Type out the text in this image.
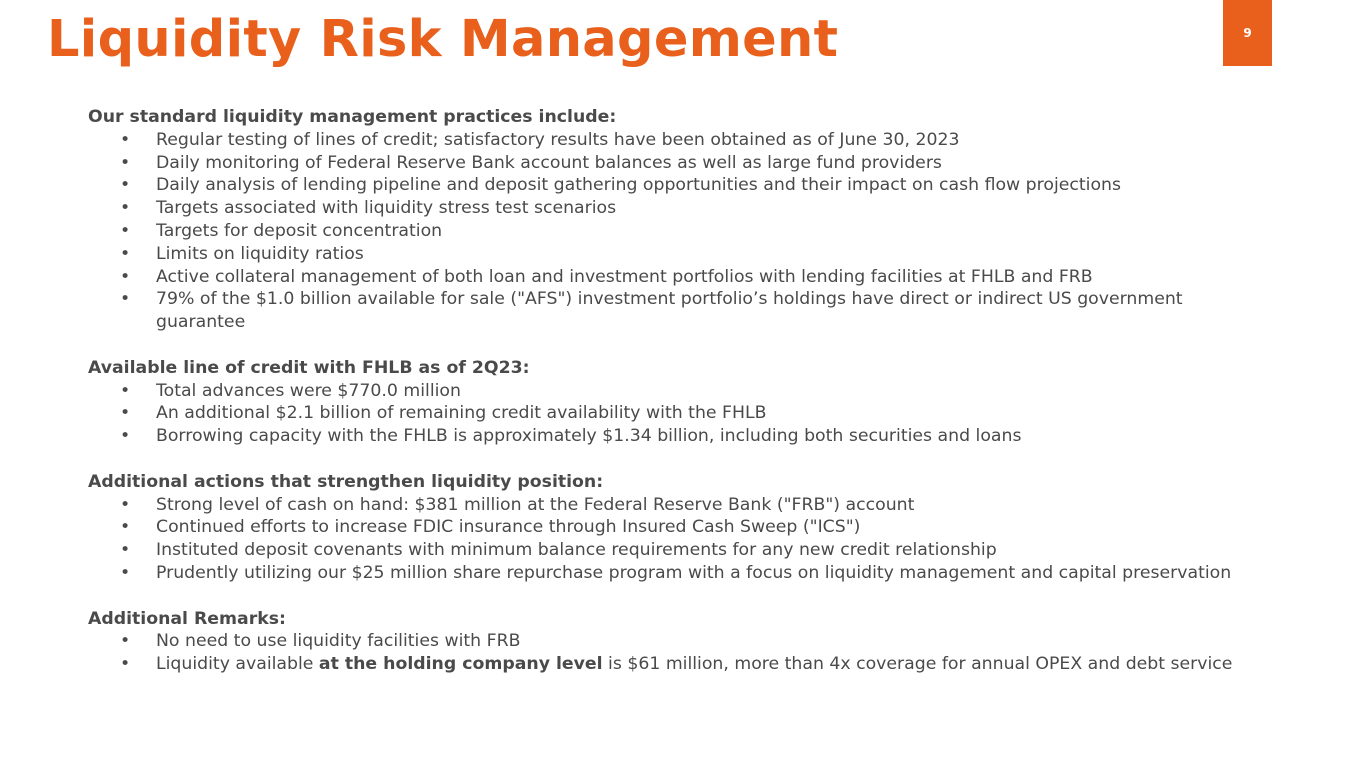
Liquidity Risk Management	9
Our standard liquidity management practices include:
• Regular testing of lines of credit; satisfactory results have been obtained as of June 30, 2023
• Daily monitoring of Federal Reserve Bank account balances as well as large fund providers
• Daily analysis of lending pipeline and deposit gathering opportunities and their impact on cash flow projections
• Targets associated with liquidity stress test scenarios
• Targets for deposit concentration
• Limits on liquidity ratios
• Active collateral management of both loan and investment portfolios with lending facilities at FHLB and FRB
• 79% of the $1.0 billion available for sale ("AFS") investment portfolio’s holdings have direct or indirect US government guarantee
Available line of credit with FHLB as of 2Q23:
• Total advances were $770.0 million
• An additional $2.1 billion of remaining credit availability with the FHLB
• Borrowing capacity with the FHLB is approximately $1.34 billion, including both securities and loans
Additional actions that strengthen liquidity position:
• Strong level of cash on hand: $381 million at the Federal Reserve Bank ("FRB") account
• Continued efforts to increase FDIC insurance through Insured Cash Sweep ("ICS")
• Instituted deposit covenants with minimum balance requirements for any new credit relationship
• Prudently utilizing our $25 million share repurchase program with a focus on liquidity management and capital preservation
Additional Remarks:
• No need to use liquidity facilities with FRB
• Liquidity available at the holding company level is $61 million, more than 4x coverage for annual OPEX and debt service
